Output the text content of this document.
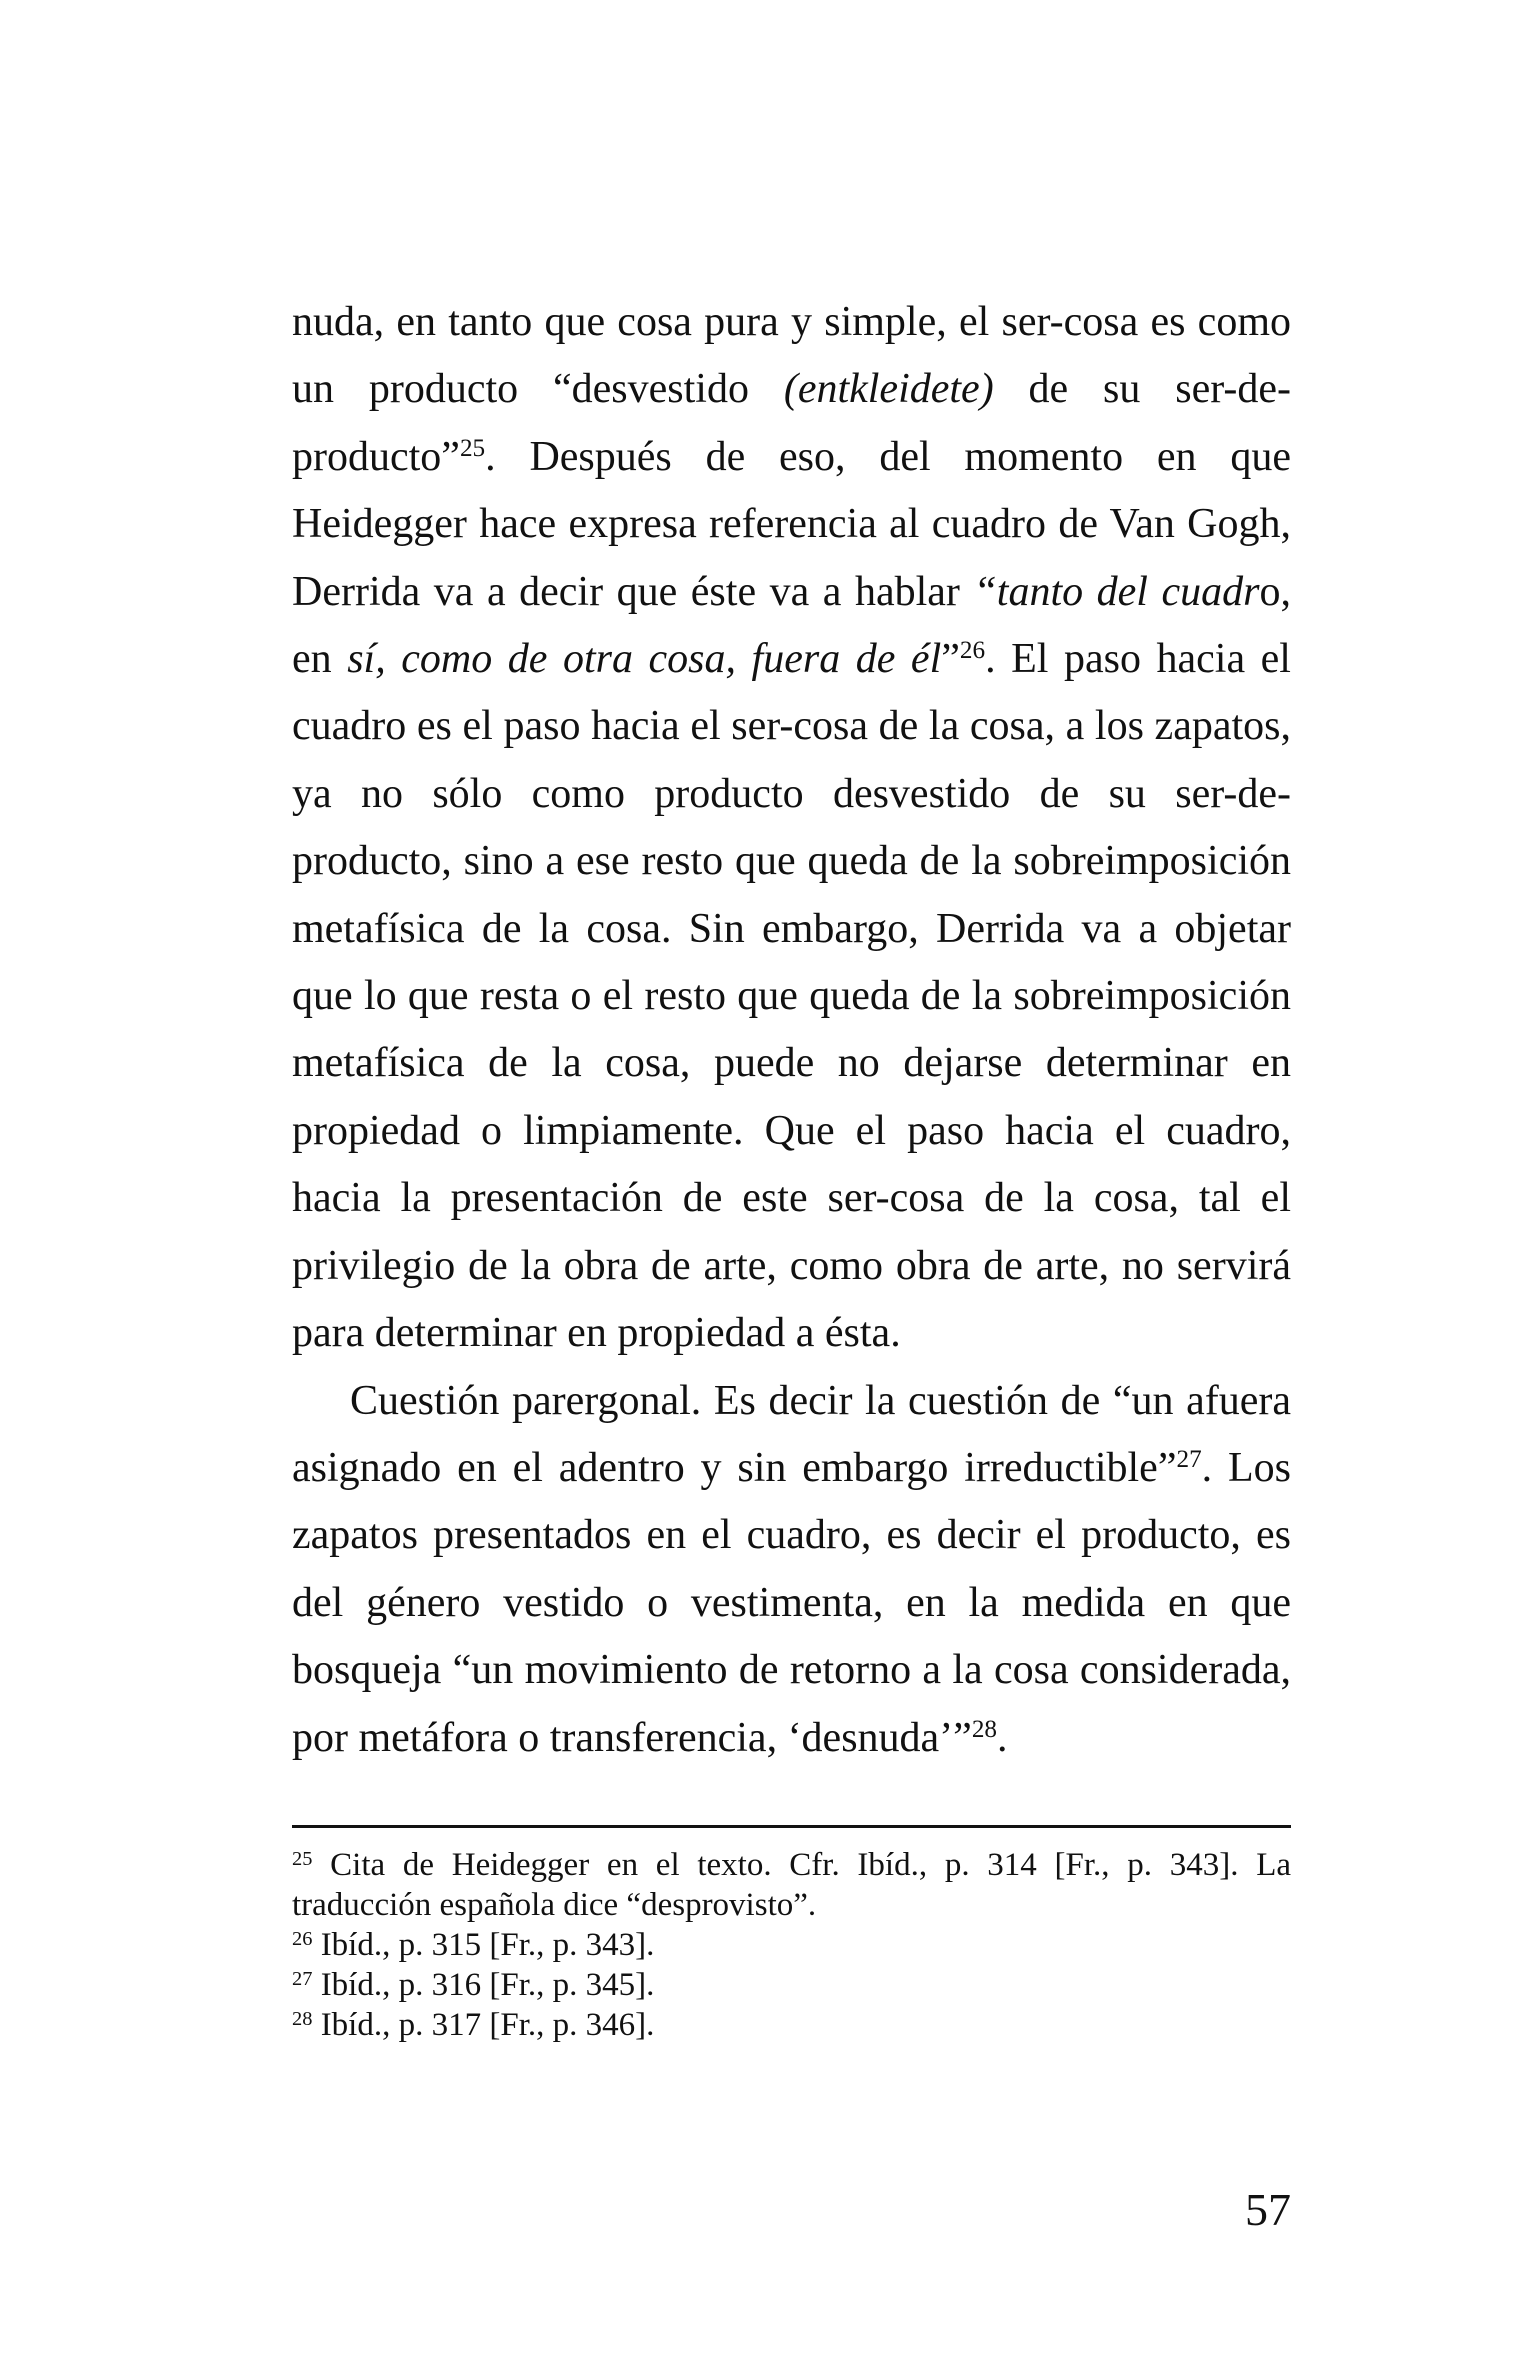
nuda, en tanto que cosa pura y simple, el ser-cosa es como un producto “desvestido (entkleidete) de su ser-de-producto”$^{25}$. Después de eso, del momento en que Heidegger hace expresa referencia al cuadro de Van Gogh, Derrida va a decir que éste va a hablar “tanto del cuadro, en sí, como de otra cosa, fuera de él”$^{26}$. El paso hacia el cuadro es el paso hacia el ser-cosa de la cosa, a los zapatos, ya no sólo como producto desvestido de su ser-de-producto, sino a ese resto que queda de la sobreimposición metafísica de la cosa. Sin embargo, Derrida va a objetar que lo que resta o el resto que queda de la sobreimposición metafísica de la cosa, puede no dejarse determinar en propiedad o limpiamente. Que el paso hacia el cuadro, hacia la presentación de este ser-cosa de la cosa, tal el privilegio de la obra de arte, como obra de arte, no servirá para determinar en propiedad a ésta.

Cuestión parergonal. Es decir la cuestión de “un afuera asignado en el adentro y sin embargo irreductible”$^{27}$. Los zapatos presentados en el cuadro, es decir el producto, es del género vestido o vestimenta, en la medida en que bosqueja “un movimiento de retorno a la cosa considerada, por metáfora o transferencia, ‘desnuda’”$^{28}$.

$^{25}$ Cita de Heidegger en el texto. Cfr. Ibíd., p. 314 [Fr., p. 343]. La traducción española dice “desprovisto”.

$^{26}$ Ibíd., p. 315 [Fr., p. 343].

$^{27}$ Ibíd., p. 316 [Fr., p. 345].

$^{28}$ Ibíd., p. 317 [Fr., p. 346].

57
